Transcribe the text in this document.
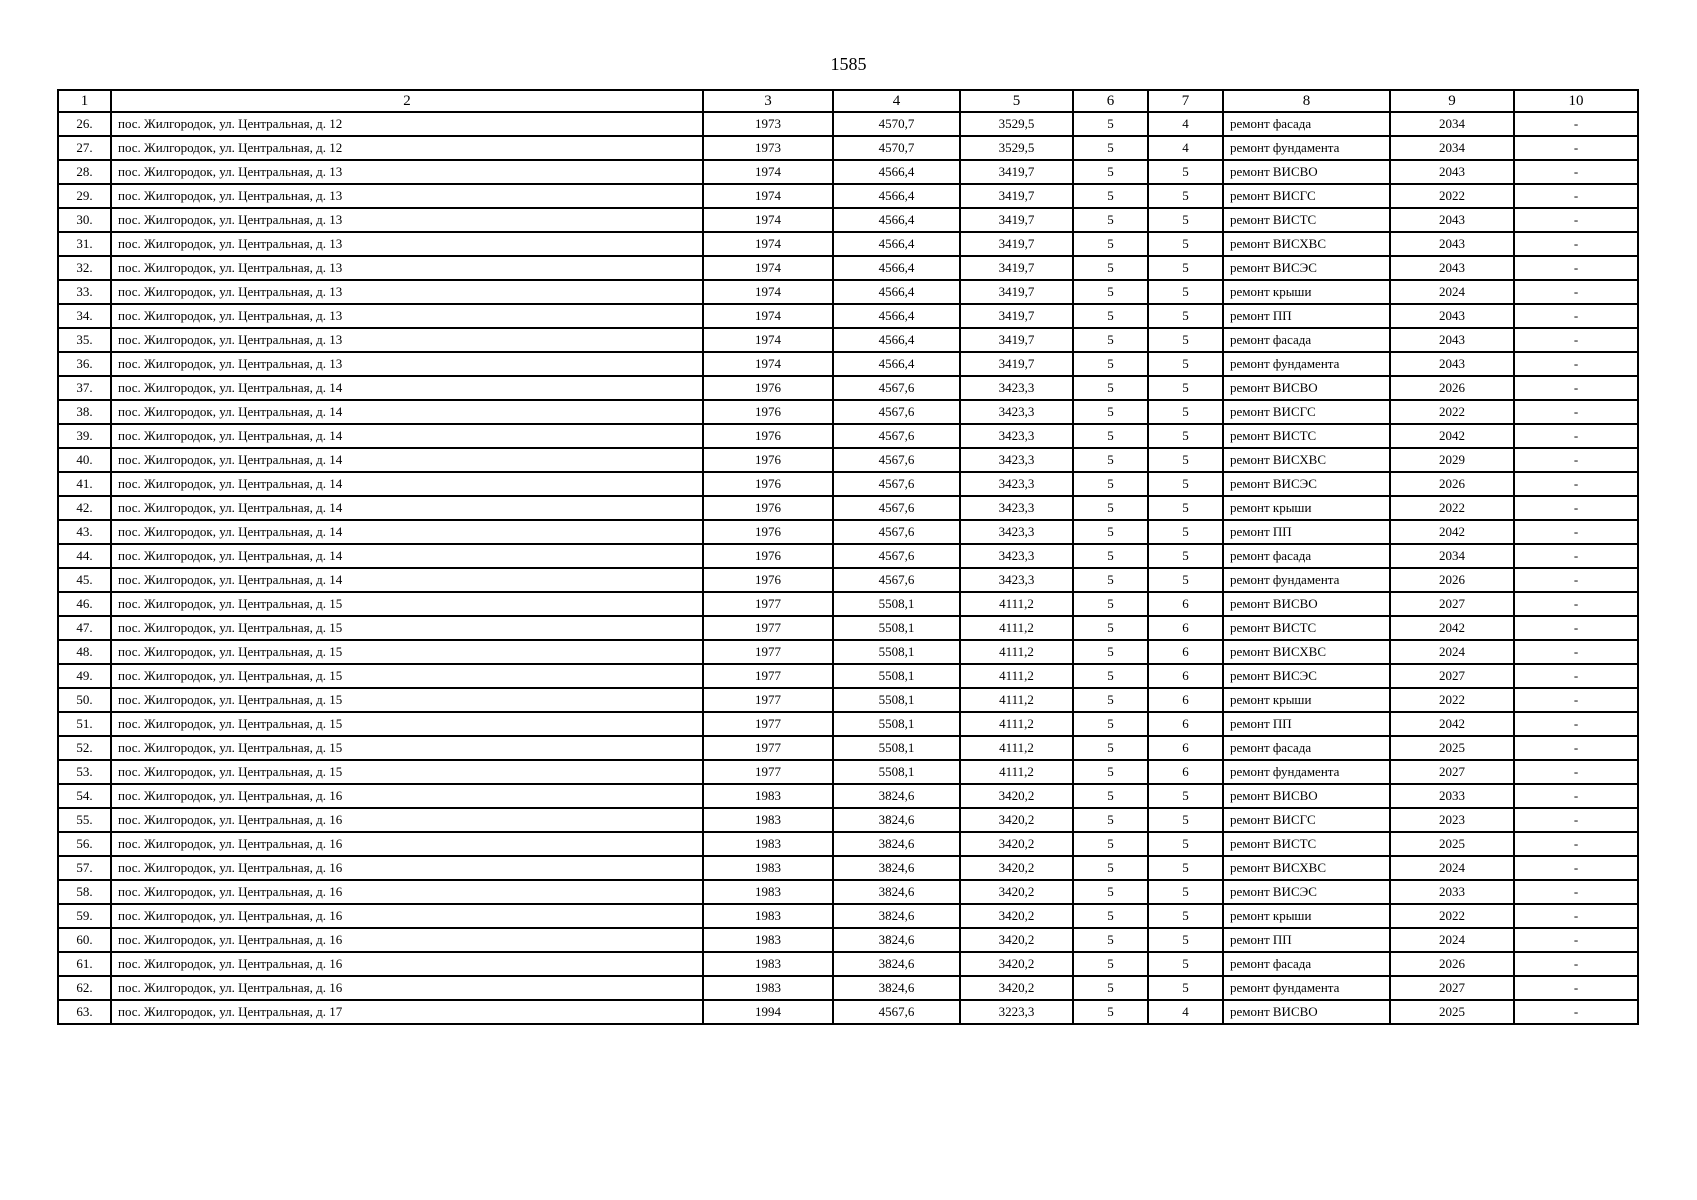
1585
1	2	3	4	5	6	7	8	9	10
26.	пос. Жилгородок, ул. Центральная, д. 12	1973	4570,7	3529,5	5	4	ремонт фасада	2034	-
27.	пос. Жилгородок, ул. Центральная, д. 12	1973	4570,7	3529,5	5	4	ремонт фундамента	2034	-
28.	пос. Жилгородок, ул. Центральная, д. 13	1974	4566,4	3419,7	5	5	ремонт ВИСВО	2043	-
29.	пос. Жилгородок, ул. Центральная, д. 13	1974	4566,4	3419,7	5	5	ремонт ВИСГС	2022	-
30.	пос. Жилгородок, ул. Центральная, д. 13	1974	4566,4	3419,7	5	5	ремонт ВИСТС	2043	-
31.	пос. Жилгородок, ул. Центральная, д. 13	1974	4566,4	3419,7	5	5	ремонт ВИСХВС	2043	-
32.	пос. Жилгородок, ул. Центральная, д. 13	1974	4566,4	3419,7	5	5	ремонт ВИСЭС	2043	-
33.	пос. Жилгородок, ул. Центральная, д. 13	1974	4566,4	3419,7	5	5	ремонт крыши	2024	-
34.	пос. Жилгородок, ул. Центральная, д. 13	1974	4566,4	3419,7	5	5	ремонт ПП	2043	-
35.	пос. Жилгородок, ул. Центральная, д. 13	1974	4566,4	3419,7	5	5	ремонт фасада	2043	-
36.	пос. Жилгородок, ул. Центральная, д. 13	1974	4566,4	3419,7	5	5	ремонт фундамента	2043	-
37.	пос. Жилгородок, ул. Центральная, д. 14	1976	4567,6	3423,3	5	5	ремонт ВИСВО	2026	-
38.	пос. Жилгородок, ул. Центральная, д. 14	1976	4567,6	3423,3	5	5	ремонт ВИСГС	2022	-
39.	пос. Жилгородок, ул. Центральная, д. 14	1976	4567,6	3423,3	5	5	ремонт ВИСТС	2042	-
40.	пос. Жилгородок, ул. Центральная, д. 14	1976	4567,6	3423,3	5	5	ремонт ВИСХВС	2029	-
41.	пос. Жилгородок, ул. Центральная, д. 14	1976	4567,6	3423,3	5	5	ремонт ВИСЭС	2026	-
42.	пос. Жилгородок, ул. Центральная, д. 14	1976	4567,6	3423,3	5	5	ремонт крыши	2022	-
43.	пос. Жилгородок, ул. Центральная, д. 14	1976	4567,6	3423,3	5	5	ремонт ПП	2042	-
44.	пос. Жилгородок, ул. Центральная, д. 14	1976	4567,6	3423,3	5	5	ремонт фасада	2034	-
45.	пос. Жилгородок, ул. Центральная, д. 14	1976	4567,6	3423,3	5	5	ремонт фундамента	2026	-
46.	пос. Жилгородок, ул. Центральная, д. 15	1977	5508,1	4111,2	5	6	ремонт ВИСВО	2027	-
47.	пос. Жилгородок, ул. Центральная, д. 15	1977	5508,1	4111,2	5	6	ремонт ВИСТС	2042	-
48.	пос. Жилгородок, ул. Центральная, д. 15	1977	5508,1	4111,2	5	6	ремонт ВИСХВС	2024	-
49.	пос. Жилгородок, ул. Центральная, д. 15	1977	5508,1	4111,2	5	6	ремонт ВИСЭС	2027	-
50.	пос. Жилгородок, ул. Центральная, д. 15	1977	5508,1	4111,2	5	6	ремонт крыши	2022	-
51.	пос. Жилгородок, ул. Центральная, д. 15	1977	5508,1	4111,2	5	6	ремонт ПП	2042	-
52.	пос. Жилгородок, ул. Центральная, д. 15	1977	5508,1	4111,2	5	6	ремонт фасада	2025	-
53.	пос. Жилгородок, ул. Центральная, д. 15	1977	5508,1	4111,2	5	6	ремонт фундамента	2027	-
54.	пос. Жилгородок, ул. Центральная, д. 16	1983	3824,6	3420,2	5	5	ремонт ВИСВО	2033	-
55.	пос. Жилгородок, ул. Центральная, д. 16	1983	3824,6	3420,2	5	5	ремонт ВИСГС	2023	-
56.	пос. Жилгородок, ул. Центральная, д. 16	1983	3824,6	3420,2	5	5	ремонт ВИСТС	2025	-
57.	пос. Жилгородок, ул. Центральная, д. 16	1983	3824,6	3420,2	5	5	ремонт ВИСХВС	2024	-
58.	пос. Жилгородок, ул. Центральная, д. 16	1983	3824,6	3420,2	5	5	ремонт ВИСЭС	2033	-
59.	пос. Жилгородок, ул. Центральная, д. 16	1983	3824,6	3420,2	5	5	ремонт крыши	2022	-
60.	пос. Жилгородок, ул. Центральная, д. 16	1983	3824,6	3420,2	5	5	ремонт ПП	2024	-
61.	пос. Жилгородок, ул. Центральная, д. 16	1983	3824,6	3420,2	5	5	ремонт фасада	2026	-
62.	пос. Жилгородок, ул. Центральная, д. 16	1983	3824,6	3420,2	5	5	ремонт фундамента	2027	-
63.	пос. Жилгородок, ул. Центральная, д. 17	1994	4567,6	3223,3	5	4	ремонт ВИСВО	2025	-
